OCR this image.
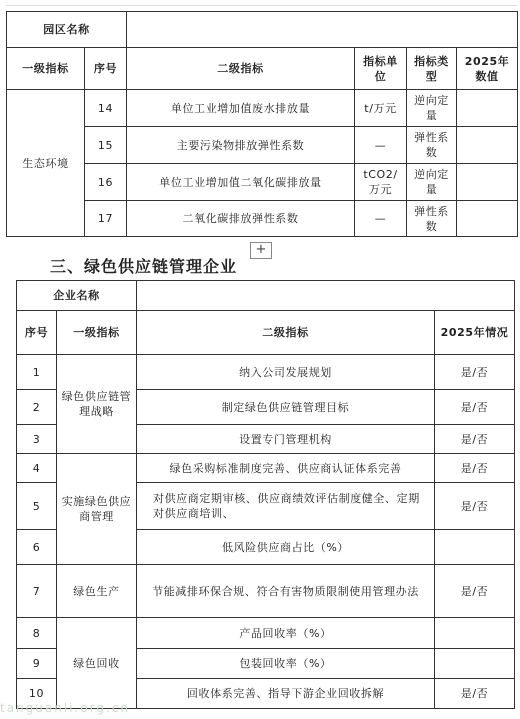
园区名称					
一级指标	序号	二级指标	指标单位	指标类型	2025年数值
生态环境	14	单位工业增加值废水排放量	t/万元	逆向定量	
	15	主要污染物排放弹性系数	—	弹性系数	
	16	单位工业增加值二氧化碳排放量	tCO2/万元	逆向定量	
	17	二氧化碳排放弹性系数	—	弹性系数	
+
三、绿色供应链管理企业
企业名称			
序号	一级指标	二级指标	2025年情况
1	绿色供应链管理战略	纳入公司发展规划	是/否
2		制定绿色供应链管理目标	是/否
3		设置专门管理机构	是/否
4	实施绿色供应商管理	绿色采购标准制度完善、供应商认证体系完善	是/否
5		对供应商定期审核、供应商绩效评估制度健全、定期对供应商培训、	是/否
6		低风险供应商占比（%）	
7	绿色生产	节能减排环保合规、符合有害物质限制使用管理办法	是/否
8	绿色回收	产品回收率（%）	
9		包装回收率（%）	
10		回收体系完善、指导下游企业回收拆解	是/否
tanguanli.org.cn
